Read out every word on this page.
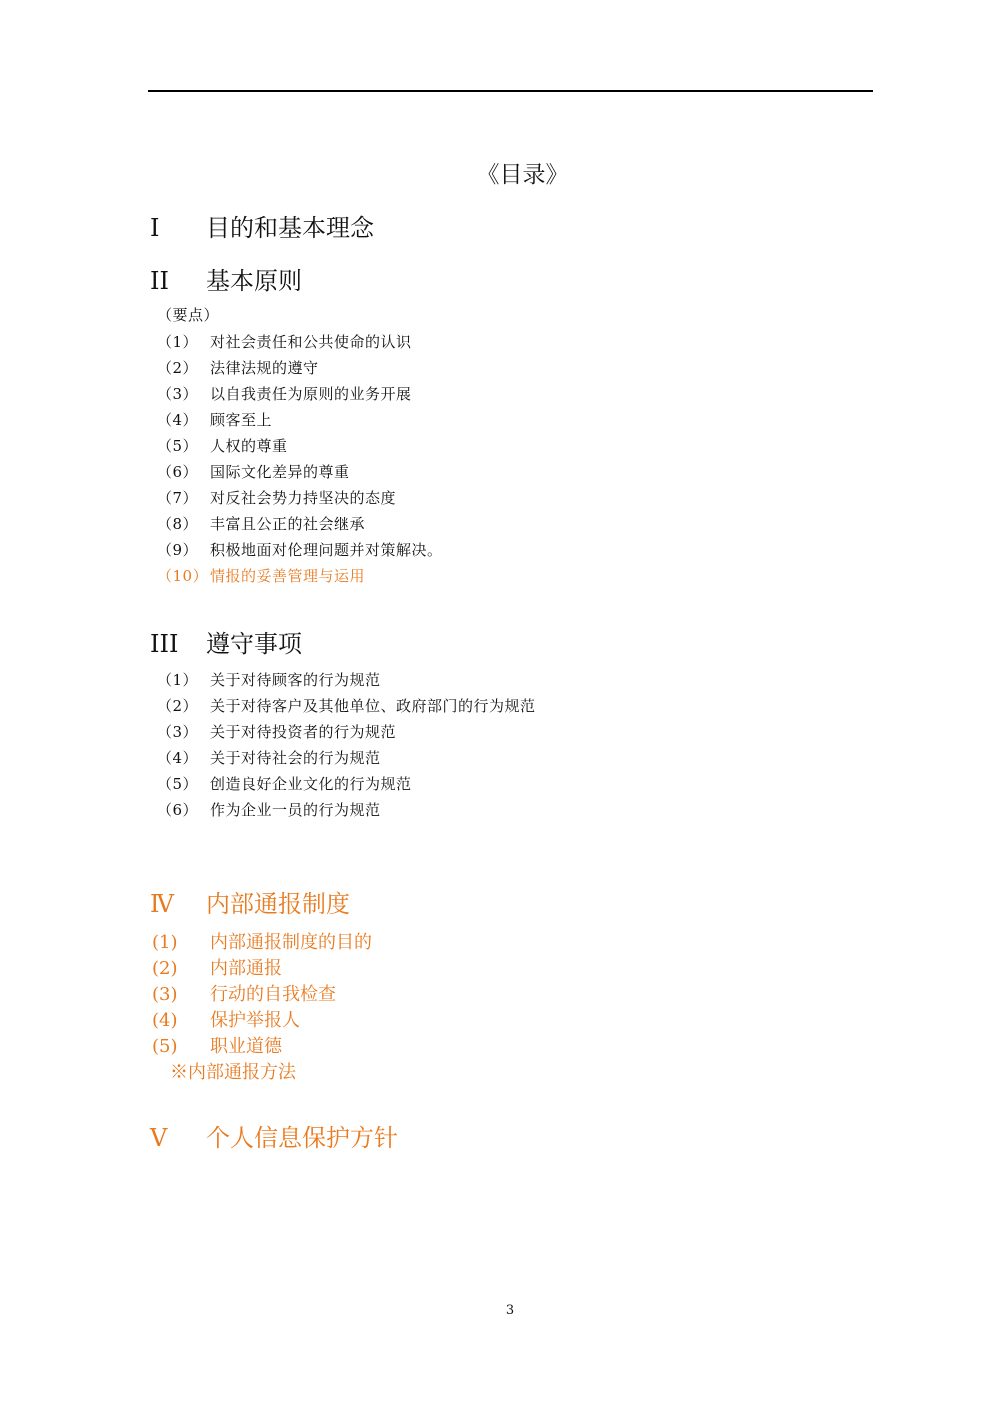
《目录》
I 目的和基本理念
II 基本原则
（要点）
（1） 对社会责任和公共使命的认识
（2） 法律法规的遵守
（3） 以自我责任为原则的业务开展
（4） 顾客至上
（5） 人权的尊重
（6） 国际文化差异的尊重
（7） 对反社会势力持坚决的态度
（8） 丰富且公正的社会继承
（9） 积极地面对伦理问题并对策解决。
（10） 情报的妥善管理与运用
III 遵守事项
（1） 关于对待顾客的行为规范
（2） 关于对待客户及其他单位、政府部门的行为规范
（3） 关于对待投资者的行为规范
（4） 关于对待社会的行为规范
（5） 创造良好企业文化的行为规范
（6） 作为企业一员的行为规范
Ⅳ 内部通报制度
(1) 内部通报制度的目的
(2) 内部通报
(3) 行动的自我检查
(4) 保护举报人
(5) 职业道德
※内部通报方法
V 个人信息保护方针
3
